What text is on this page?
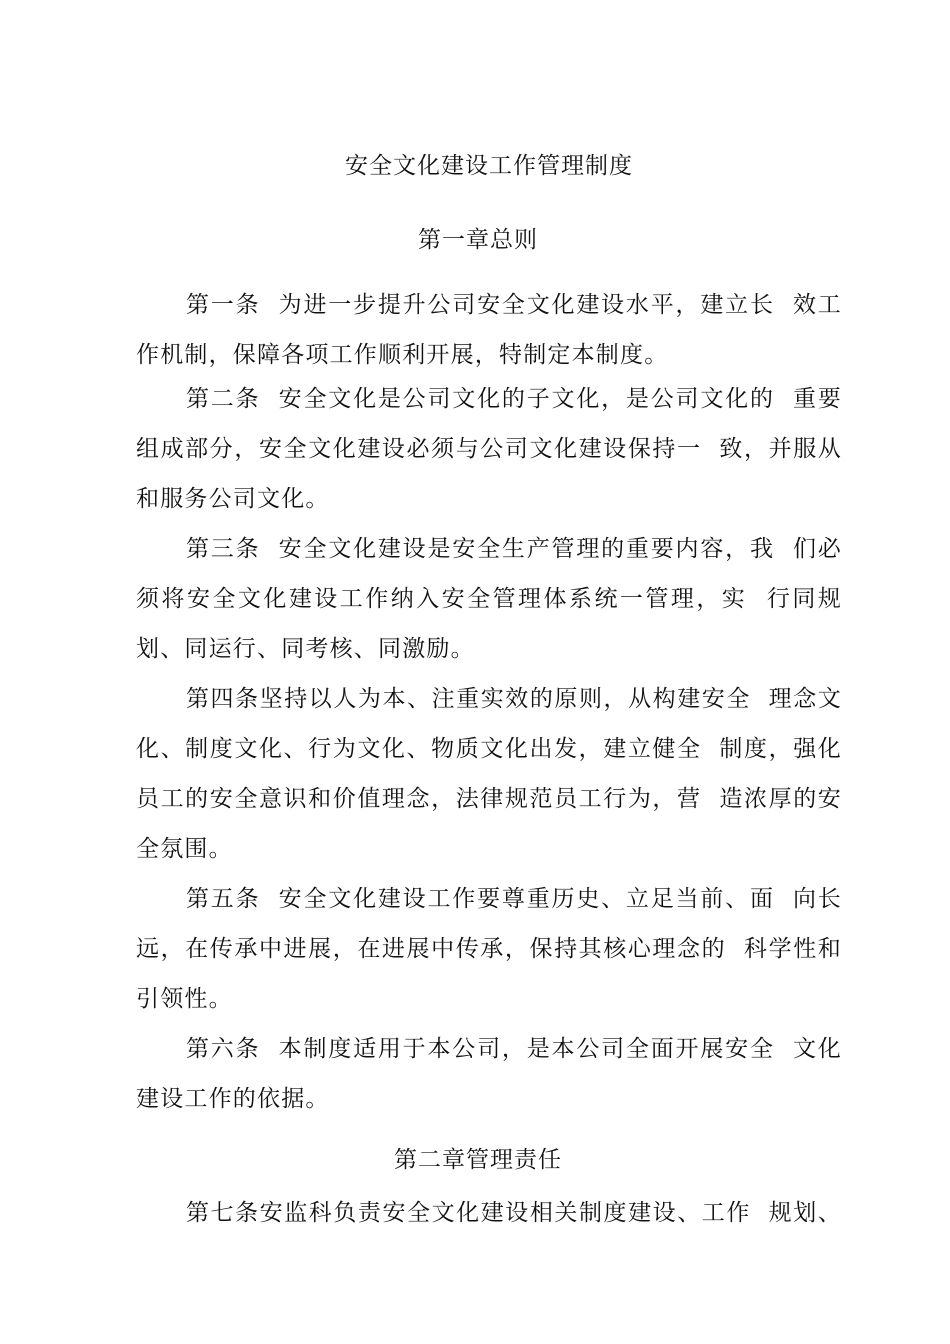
安全文化建设工作管理制度
第一章总则
第一条  为进一步提升公司安全文化建设水平，建立长  效工
作机制，保障各项工作顺利开展，特制定本制度。
第二条  安全文化是公司文化的子文化，是公司文化的  重要
组成部分，安全文化建设必须与公司文化建设保持一  致，并服从
和服务公司文化。
第三条  安全文化建设是安全生产管理的重要内容，我  们必
须将安全文化建设工作纳入安全管理体系统一管理，实  行同规
划、同运行、同考核、同激励。
第四条坚持以人为本、注重实效的原则，从构建安全  理念文
化、制度文化、行为文化、物质文化出发，建立健全  制度，强化
员工的安全意识和价值理念，法律规范员工行为，营  造浓厚的安
全氛围。
第五条  安全文化建设工作要尊重历史、立足当前、面  向长
远，在传承中进展，在进展中传承，保持其核心理念的  科学性和
引领性。
第六条  本制度适用于本公司，是本公司全面开展安全  文化
建设工作的依据。
第二章管理责任
第七条安监科负责安全文化建设相关制度建设、工作  规划、
